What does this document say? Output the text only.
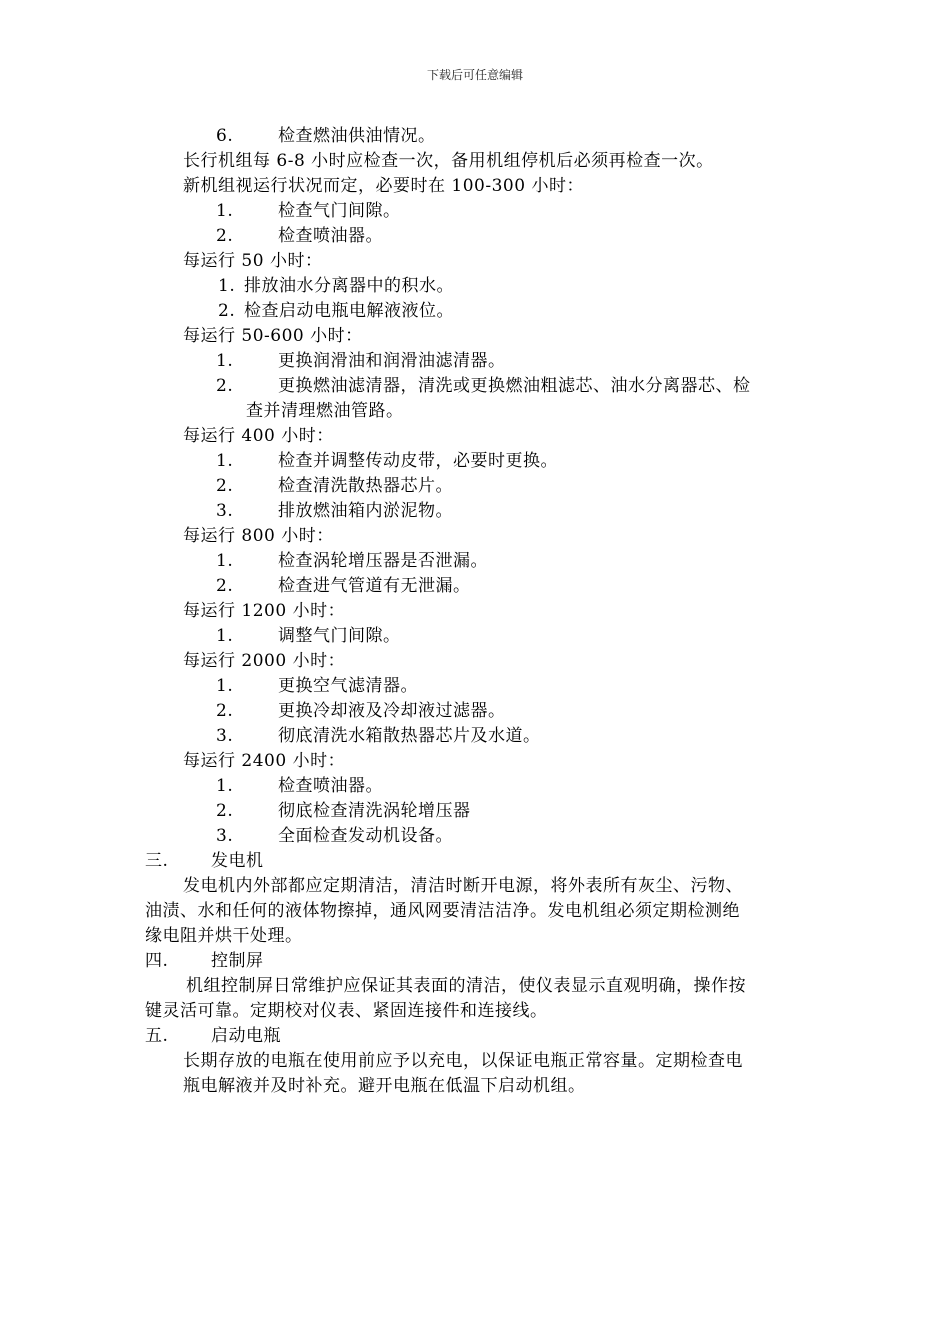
下载后可任意编辑
6.	检查燃油供油情况。
长行机组每 6-8 小时应检查一次，备用机组停机后必须再检查一次。
新机组视运行状况而定，必要时在 100-300 小时：
1.	检查气门间隙。
2.	检查喷油器。
每运行 50 小时：
1. 排放油水分离器中的积水。
2. 检查启动电瓶电解液液位。
每运行 50-600 小时：
1.	更换润滑油和润滑油滤清器。
2.	更换燃油滤清器，清洗或更换燃油粗滤芯、油水分离器芯、检
查并清理燃油管路。
每运行 400 小时：
1.	检查并调整传动皮带，必要时更换。
2.	检查清洗散热器芯片。
3.	排放燃油箱内淤泥物。
每运行 800 小时：
1.	检查涡轮增压器是否泄漏。
2.	检查进气管道有无泄漏。
每运行 1200 小时：
1.	调整气门间隙。
每运行 2000 小时：
1.	更换空气滤清器。
2.	更换冷却液及冷却液过滤器。
3.	彻底清洗水箱散热器芯片及水道。
每运行 2400 小时：
1.	检查喷油器。
2.	彻底检查清洗涡轮增压器
3.	全面检查发动机设备。
三.	发电机
发电机内外部都应定期清洁，清洁时断开电源，将外表所有灰尘、污物、
油渍、水和任何的液体物擦掉，通风网要清洁洁净。发电机组必须定期检测绝
缘电阻并烘干处理。
四.	控制屏
机组控制屏日常维护应保证其表面的清洁，使仪表显示直观明确，操作按
键灵活可靠。定期校对仪表、紧固连接件和连接线。
五.	启动电瓶
长期存放的电瓶在使用前应予以充电，以保证电瓶正常容量。定期检查电
瓶电解液并及时补充。避开电瓶在低温下启动机组。
